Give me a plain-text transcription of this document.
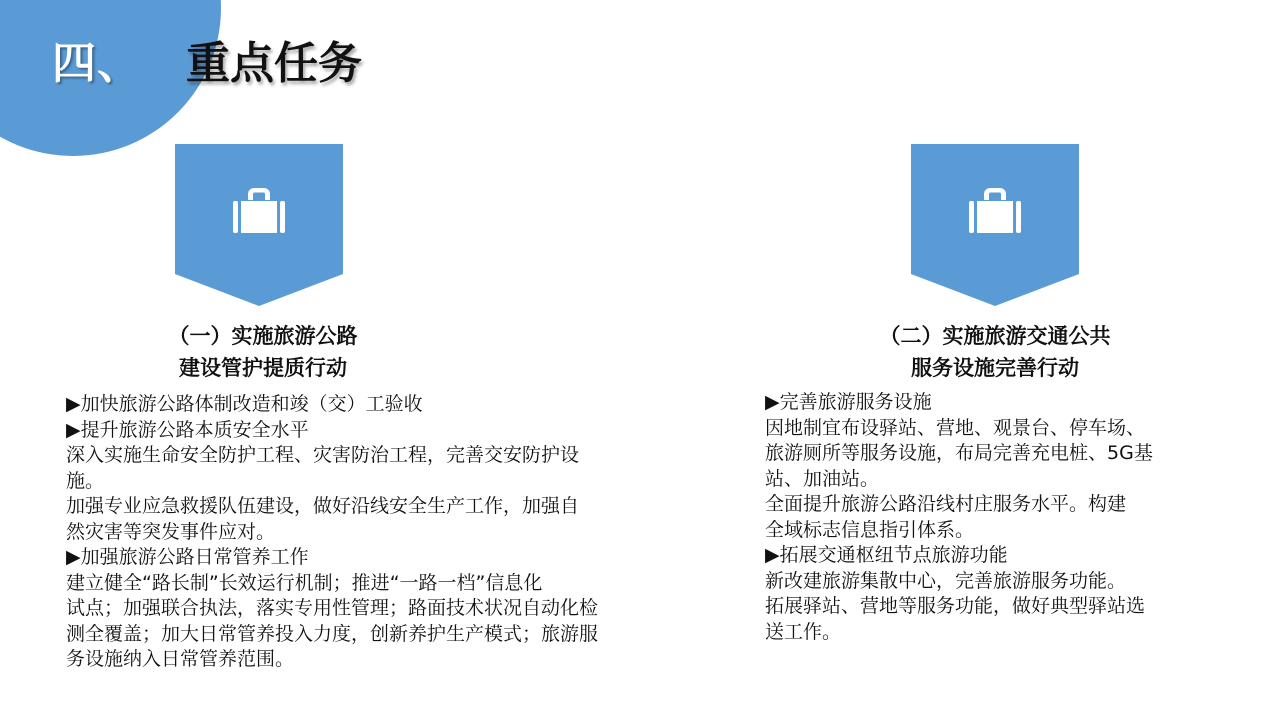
四、 重点任务
（一）实施旅游公路
建设管护提质行动
（二）实施旅游交通公共
服务设施完善行动

▶加快旅游公路体制改造和竣（交）工验收

▶提升旅游公路本质安全水平

深入实施生命安全防护工程、灾害防治工程，完善交安防护设

施。

加强专业应急救援队伍建设，做好沿线安全生产工作，加强自

然灾害等突发事件应对。

▶加强旅游公路日常管养工作

建立健全“路长制”长效运行机制；推进“一路一档”信息化

试点；加强联合执法，落实专用性管理；路面技术状况自动化检

测全覆盖；加大日常管养投入力度，创新养护生产模式；旅游服

务设施纳入日常管养范围。

▶完善旅游服务设施

因地制宜布设驿站、营地、观景台、停车场、

旅游厕所等服务设施，布局完善充电桩、5G基

站、加油站。

全面提升旅游公路沿线村庄服务水平。构建

全域标志信息指引体系。

▶拓展交通枢纽节点旅游功能

新改建旅游集散中心，完善旅游服务功能。

拓展驿站、营地等服务功能，做好典型驿站选

送工作。
